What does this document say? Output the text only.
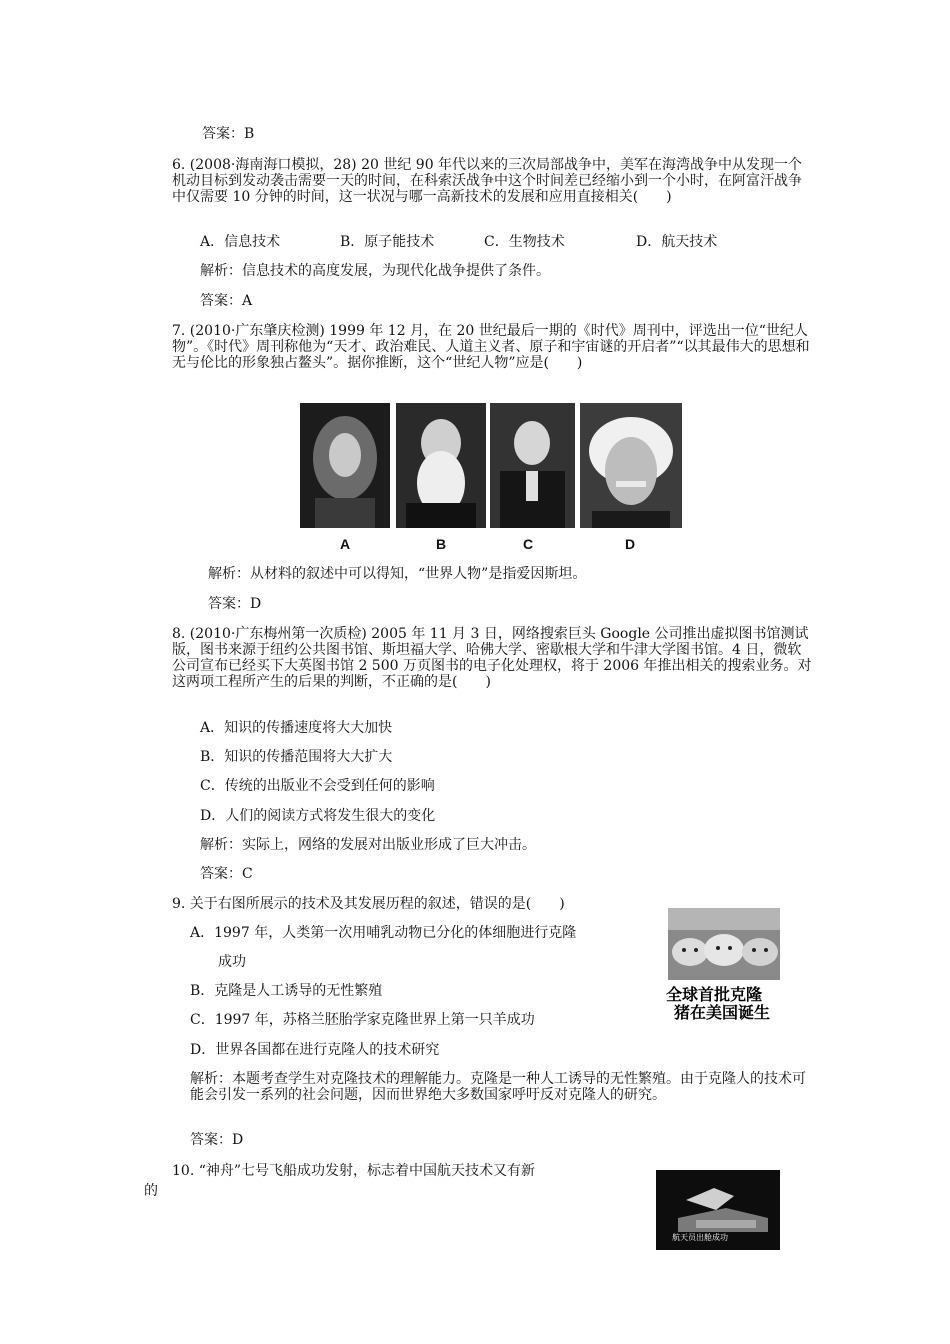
答案：B
6. (2008·海南海口模拟，28) 20 世纪 90 年代以来的三次局部战争中，美军在海湾战争中从发现一个机动目标到发动袭击需要一天的时间，在科索沃战争中这个时间差已经缩小到一个小时，在阿富汗战争中仅需要 10 分钟的时间，这一状况与哪一高新技术的发展和应用直接相关(　　)
A．信息技术	B．原子能技术	C．生物技术	D．航天技术
解析：信息技术的高度发展，为现代化战争提供了条件。
答案：A
7. (2010·广东肇庆检测) 1999 年 12 月，在 20 世纪最后一期的《时代》周刊中，评选出一位“世纪人物”。《时代》周刊称他为“天才、政治难民、人道主义者、原子和宇宙谜的开启者”“以其最伟大的思想和无与伦比的形象独占鳌头”。据你推断，这个“世纪人物”应是(　　)
A	B	C	D
解析：从材料的叙述中可以得知，“世界人物”是指爱因斯坦。
答案：D
8. (2010·广东梅州第一次质检) 2005 年 11 月 3 日，网络搜索巨头 Google 公司推出虚拟图书馆测试版，图书来源于纽约公共图书馆、斯坦福大学、哈佛大学、密歇根大学和牛津大学图书馆。4 日，微软公司宣布已经买下大英图书馆 2 500 万页图书的电子化处理权，将于 2006 年推出相关的搜索业务。对这两项工程所产生的后果的判断，不正确的是(　　)
A．知识的传播速度将大大加快
B．知识的传播范围将大大扩大
C．传统的出版业不会受到任何的影响
D．人们的阅读方式将发生很大的变化
解析：实际上，网络的发展对出版业形成了巨大冲击。
答案：C
9. 关于右图所展示的技术及其发展历程的叙述，错误的是(　　)
A．1997 年，人类第一次用哺乳动物已分化的体细胞进行克隆
成功
B．克隆是人工诱导的无性繁殖
C．1997 年，苏格兰胚胎学家克隆世界上第一只羊成功
D．世界各国都在进行克隆人的技术研究
解析：本题考查学生对克隆技术的理解能力。克隆是一种人工诱导的无性繁殖。由于克隆人的技术可能会引发一系列的社会问题，因而世界绝大多数国家呼吁反对克隆人的研究。
答案：D
全球首批克隆
猪在美国诞生
10. “神舟”七号飞船成功发射，标志着中国航天技术又有新
的
航天员出舱成功
